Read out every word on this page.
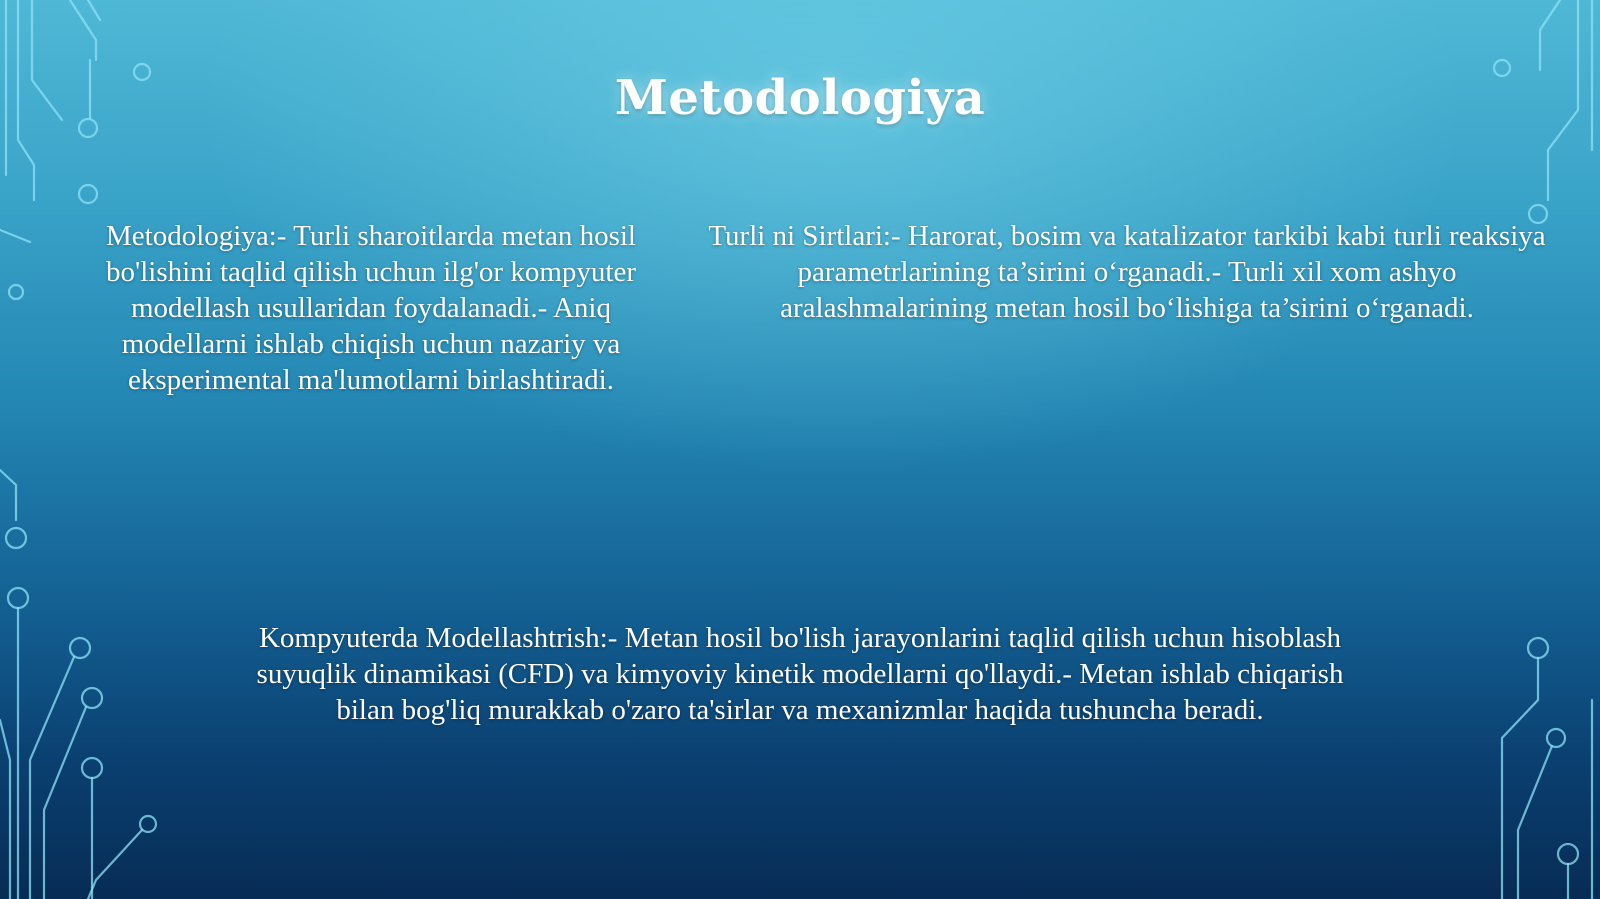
Metodologiya
Metodologiya:- Turli sharoitlarda metan hosil bo'lishini taqlid qilish uchun ilg'or kompyuter modellash usullaridan foydalanadi.- Aniq modellarni ishlab chiqish uchun nazariy va eksperimental ma'lumotlarni birlashtiradi.
Turli ni Sirtlari:- Harorat, bosim va katalizator tarkibi kabi turli reaksiya parametrlarining ta’sirini o‘rganadi.- Turli xil xom ashyo aralashmalarining metan hosil bo‘lishiga ta’sirini o‘rganadi.
Kompyuterda Modellashtrish:- Metan hosil bo'lish jarayonlarini taqlid qilish uchun hisoblash suyuqlik dinamikasi (CFD) va kimyoviy kinetik modellarni qo'llaydi.- Metan ishlab chiqarish bilan bog'liq murakkab o'zaro ta'sirlar va mexanizmlar haqida tushuncha beradi.
